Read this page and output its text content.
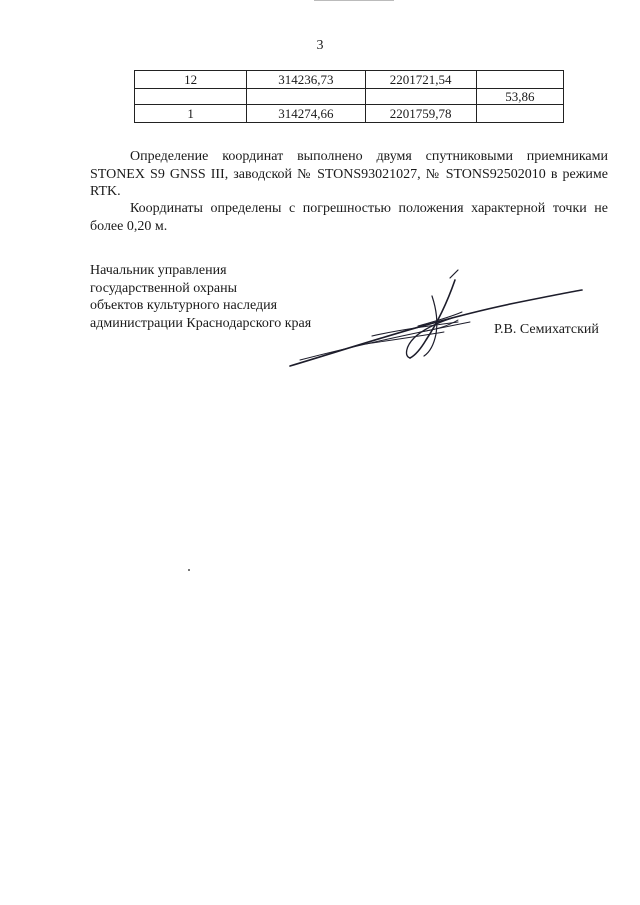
3
12	314236,73	2201721,54	
			53,86
1	314274,66	2201759,78	

Определение координат выполнено двумя спутниковыми приемниками STONEX S9 GNSS III, заводской № STONS93021027, № STONS92502010 в режиме RTK.

Координаты определены с погрешностью положения характерной точки не более 0,20 м.

Начальник управления
государственной охраны
объектов культурного наследия
администрации Краснодарского края	Р.В. Семихатский
